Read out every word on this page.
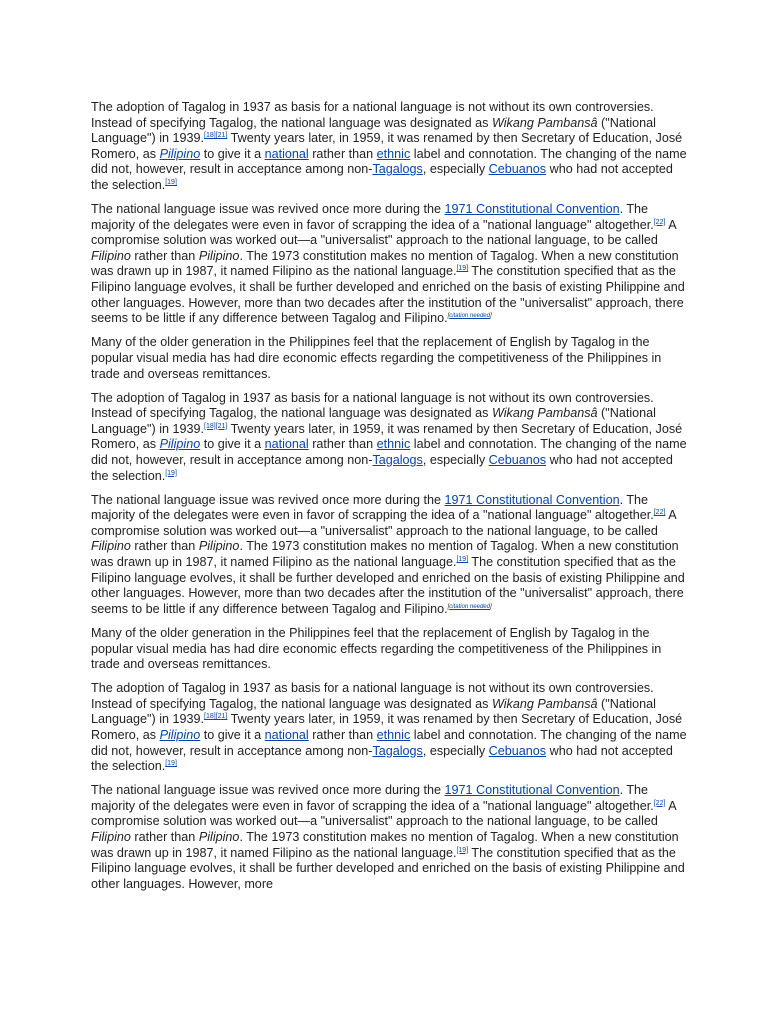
The adoption of Tagalog in 1937 as basis for a national language is not without its own controversies. Instead of specifying Tagalog, the national language was designated as Wikang Pambansâ ("National Language") in 1939.[18][21] Twenty years later, in 1959, it was renamed by then Secretary of Education, José Romero, as Pilipino to give it a national rather than ethnic label and connotation. The changing of the name did not, however, result in acceptance among non-Tagalogs, especially Cebuanos who had not accepted the selection.[19]

The national language issue was revived once more during the 1971 Constitutional Convention. The majority of the delegates were even in favor of scrapping the idea of a "national language" altogether.[22] A compromise solution was worked out—a "universalist" approach to the national language, to be called Filipino rather than Pilipino. The 1973 constitution makes no mention of Tagalog. When a new constitution was drawn up in 1987, it named Filipino as the national language.[19] The constitution specified that as the Filipino language evolves, it shall be further developed and enriched on the basis of existing Philippine and other languages. However, more than two decades after the institution of the "universalist" approach, there seems to be little if any difference between Tagalog and Filipino.[citation needed]

Many of the older generation in the Philippines feel that the replacement of English by Tagalog in the popular visual media has had dire economic effects regarding the competitiveness of the Philippines in trade and overseas remittances.

The adoption of Tagalog in 1937 as basis for a national language is not without its own controversies. Instead of specifying Tagalog, the national language was designated as Wikang Pambansâ ("National Language") in 1939.[18][21] Twenty years later, in 1959, it was renamed by then Secretary of Education, José Romero, as Pilipino to give it a national rather than ethnic label and connotation. The changing of the name did not, however, result in acceptance among non-Tagalogs, especially Cebuanos who had not accepted the selection.[19]

The national language issue was revived once more during the 1971 Constitutional Convention. The majority of the delegates were even in favor of scrapping the idea of a "national language" altogether.[22] A compromise solution was worked out—a "universalist" approach to the national language, to be called Filipino rather than Pilipino. The 1973 constitution makes no mention of Tagalog. When a new constitution was drawn up in 1987, it named Filipino as the national language.[19] The constitution specified that as the Filipino language evolves, it shall be further developed and enriched on the basis of existing Philippine and other languages. However, more than two decades after the institution of the "universalist" approach, there seems to be little if any difference between Tagalog and Filipino.[citation needed]

Many of the older generation in the Philippines feel that the replacement of English by Tagalog in the popular visual media has had dire economic effects regarding the competitiveness of the Philippines in trade and overseas remittances.

The adoption of Tagalog in 1937 as basis for a national language is not without its own controversies. Instead of specifying Tagalog, the national language was designated as Wikang Pambansâ ("National Language") in 1939.[18][21] Twenty years later, in 1959, it was renamed by then Secretary of Education, José Romero, as Pilipino to give it a national rather than ethnic label and connotation. The changing of the name did not, however, result in acceptance among non-Tagalogs, especially Cebuanos who had not accepted the selection.[19]

The national language issue was revived once more during the 1971 Constitutional Convention. The majority of the delegates were even in favor of scrapping the idea of a "national language" altogether.[22] A compromise solution was worked out—a "universalist" approach to the national language, to be called Filipino rather than Pilipino. The 1973 constitution makes no mention of Tagalog. When a new constitution was drawn up in 1987, it named Filipino as the national language.[19] The constitution specified that as the Filipino language evolves, it shall be further developed and enriched on the basis of existing Philippine and other languages. However, more
